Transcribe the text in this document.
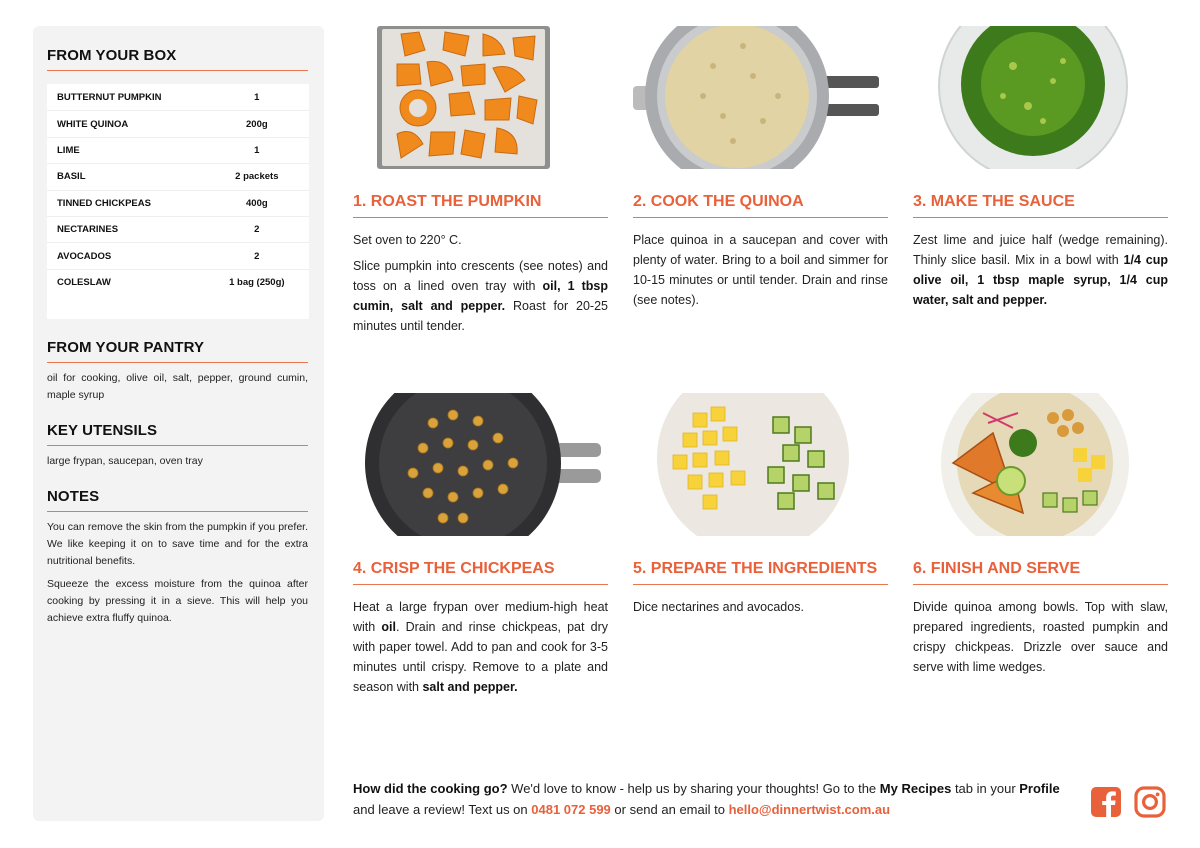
FROM YOUR BOX
BUTTERNUT PUMPKIN	1
WHITE QUINOA	200g
LIME	1
BASIL	2 packets
TINNED CHICKPEAS	400g
NECTARINES	2
AVOCADOS	2
COLESLAW	1 bag (250g)
FROM YOUR PANTRY
oil for cooking, olive oil, salt, pepper, ground cumin, maple syrup
KEY UTENSILS
large frypan, saucepan, oven tray
NOTES
You can remove the skin from the pumpkin if you prefer. We like keeping it on to save time and for the extra nutritional benefits.
Squeeze the excess moisture from the quinoa after cooking by pressing it in a sieve. This will help you achieve extra fluffy quinoa.
1. ROAST THE PUMPKIN

Set oven to 220° C.

Slice pumpkin into crescents (see notes) and toss on a lined oven tray with oil, 1 tbsp cumin, salt and pepper. Roast for 20-25 minutes until tender.

2. COOK THE QUINOA

Place quinoa in a saucepan and cover with plenty of water. Bring to a boil and simmer for 10-15 minutes or until tender. Drain and rinse (see notes).

3. MAKE THE SAUCE

Zest lime and juice half (wedge remaining). Thinly slice basil. Mix in a bowl with 1/4 cup olive oil, 1 tbsp maple syrup, 1/4 cup water, salt and pepper.

4. CRISP THE CHICKPEAS

Heat a large frypan over medium-high heat with oil. Drain and rinse chickpeas, pat dry with paper towel. Add to pan and cook for 3-5 minutes until crispy. Remove to a plate and season with salt and pepper.

5. PREPARE THE INGREDIENTS

Dice nectarines and avocados.

6. FINISH AND SERVE

Divide quinoa among bowls. Top with slaw, prepared ingredients, roasted pumpkin and crispy chickpeas. Drizzle over sauce and serve with lime wedges.

How did the cooking go? We'd love to know - help us by sharing your thoughts! Go to the My Recipes tab in your Profile and leave a review! Text us on 0481 072 599 or send an email to hello@dinnertwist.com.au
